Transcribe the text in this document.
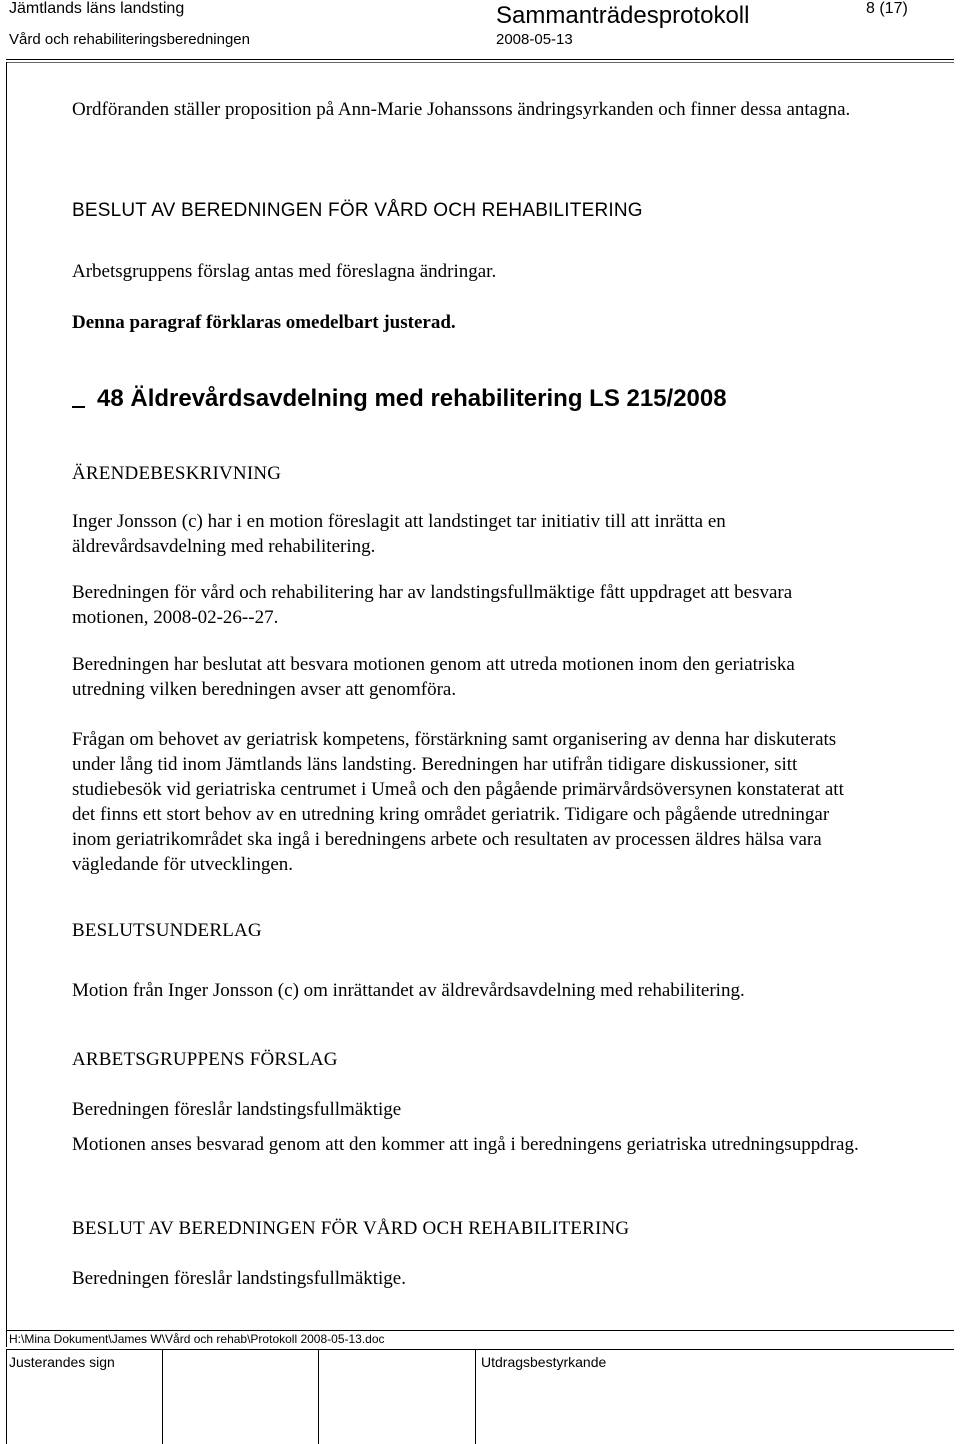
Jämtlands läns landsting	Sammanträdesprotokoll	8 (17)
Vård och rehabiliteringsberedningen	2008-05-13

Ordföranden ställer proposition på Ann-Marie Johanssons ändringsyrkanden och finner dessa antagna.

BESLUT AV BEREDNINGEN FÖR VÅRD OCH REHABILITERING
Arbetsgruppens förslag antas med föreslagna ändringar.
Denna paragraf förklaras omedelbart justerad.
48 Äldrevårdsavdelning med rehabilitering LS 215/2008
ÄRENDEBESKRIVNING

Inger Jonsson (c) har i en motion föreslagit att landstinget tar initiativ till att inrätta en äldrevårdsavdelning med rehabilitering.

Beredningen för vård och rehabilitering har av landstingsfullmäktige fått uppdraget att besvara motionen, 2008-02-26--27.

Beredningen har beslutat att besvara motionen genom att utreda motionen inom den geriatriska utredning vilken beredningen avser att genomföra.

Frågan om behovet av geriatrisk kompetens, förstärkning samt organisering av denna har diskuterats under lång tid inom Jämtlands läns landsting. Beredningen har utifrån tidigare diskussioner, sitt studiebesök vid geriatriska centrumet i Umeå och den pågående primärvårdsöversynen konstaterat att det finns ett stort behov av en utredning kring området geriatrik. Tidigare och pågående utredningar inom geriatrikområdet ska ingå i beredningens arbete och resultaten av processen äldres hälsa vara vägledande för utvecklingen.

BESLUTSUNDERLAG
Motion från Inger Jonsson (c) om inrättandet av äldrevårdsavdelning med rehabilitering.
ARBETSGRUPPENS FÖRSLAG
Beredningen föreslår landstingsfullmäktige

Motionen anses besvarad genom att den kommer att ingå i beredningens geriatriska utredningsuppdrag.

BESLUT AV BEREDNINGEN FÖR VÅRD OCH REHABILITERING
Beredningen föreslår landstingsfullmäktige.
H:\Mina Dokument\James W\Vård och rehab\Protokoll 2008-05-13.doc
Justerandes sign	Utdragsbestyrkande
